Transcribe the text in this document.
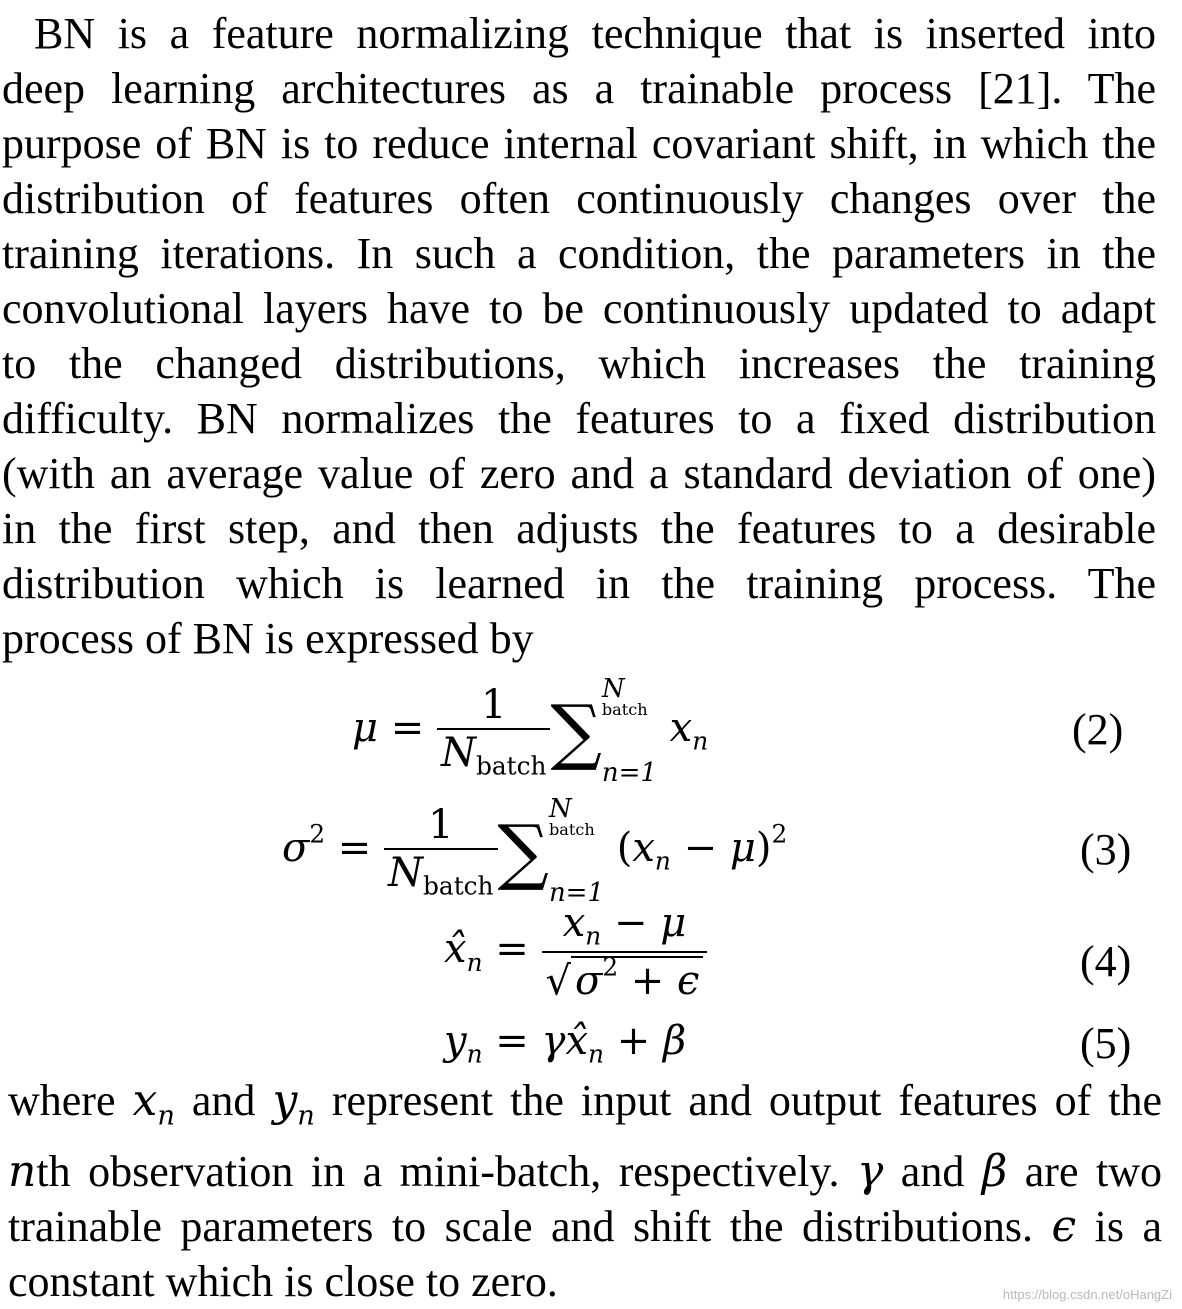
BN is a feature normalizing technique that is inserted into
deep learning architectures as a trainable process [21]. The
purpose of BN is to reduce internal covariant shift, in which the
distribution of features often continuously changes over the
training iterations. In such a condition, the parameters in the
convolutional layers have to be continuously updated to adapt
to the changed distributions, which increases the training
difficulty. BN normalizes the features to a fixed distribution
(with an average value of zero and a standard deviation of one)
in the first step, and then adjusts the features to a desirable
distribution which is learned in the training process. The
process of BN is expressed by
$\mu = \frac{1}{N_{batch}}$ ∑
N
batch
n=1
$x_n$	(2)
$\sigma^2 = \frac{1}{N_{batch}}$ ∑
N
batch
n=1
$(x_n - \mu)^2$	(3)
$x̂_n = \frac{x_n - \mu}{√ \sigma^2 + \epsilon}$	(4)
$y_n$ = $\gamma x̂_n + \beta$	(5)
where $x_n$ and $y_n$ represent the input and output features of the
nth observation in a mini-batch, respectively. γ and β are two
trainable parameters to scale and shift the distributions. ϵ is a
constant which is close to zero.	https://blog.csdn.net/oHangZi
